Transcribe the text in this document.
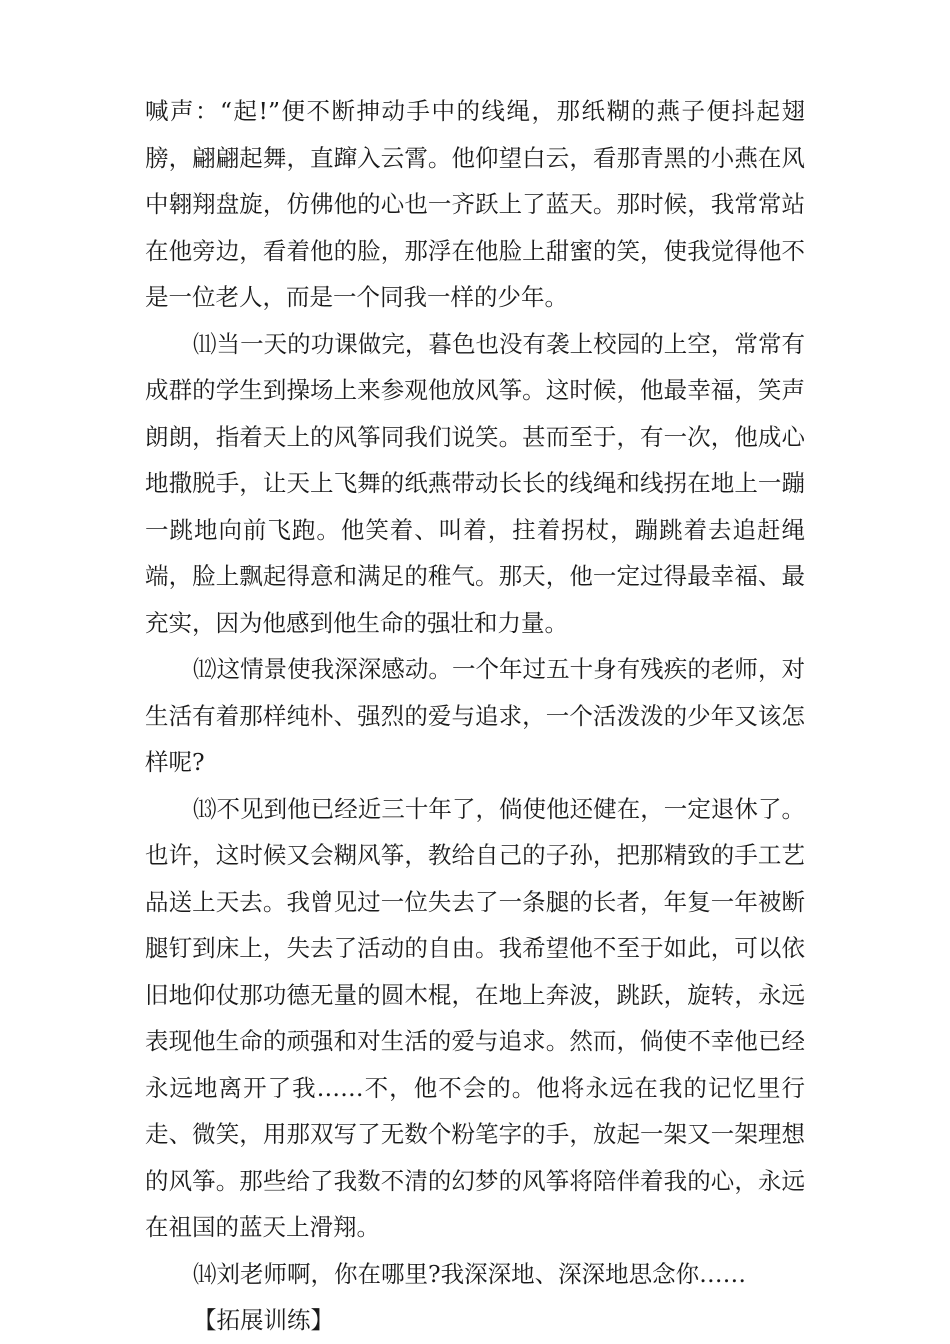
喊声：“起!”便不断抻动手中的线绳，那纸糊的燕子便抖起翅膀，翩翩起舞，直蹿入云霄。他仰望白云，看那青黑的小燕在风中翱翔盘旋，仿佛他的心也一齐跃上了蓝天。那时候，我常常站在他旁边，看着他的脸，那浮在他脸上甜蜜的笑，使我觉得他不是一位老人，而是一个同我一样的少年。

⑾当一天的功课做完，暮色也没有袭上校园的上空，常常有成群的学生到操场上来参观他放风筝。这时候，他最幸福，笑声朗朗，指着天上的风筝同我们说笑。甚而至于，有一次，他成心地撒脱手，让天上飞舞的纸燕带动长长的线绳和线拐在地上一蹦一跳地向前飞跑。他笑着、叫着，拄着拐杖，蹦跳着去追赶绳端，脸上飘起得意和满足的稚气。那天，他一定过得最幸福、最充实，因为他感到他生命的强壮和力量。

⑿这情景使我深深感动。一个年过五十身有残疾的老师，对生活有着那样纯朴、强烈的爱与追求，一个活泼泼的少年又该怎样呢?

⒀不见到他已经近三十年了，倘使他还健在，一定退休了。也许，这时候又会糊风筝，教给自己的子孙，把那精致的手工艺品送上天去。我曾见过一位失去了一条腿的长者，年复一年被断腿钉到床上，失去了活动的自由。我希望他不至于如此，可以依旧地仰仗那功德无量的圆木棍，在地上奔波，跳跃，旋转，永远表现他生命的顽强和对生活的爱与追求。然而，倘使不幸他已经永远地离开了我……不，他不会的。他将永远在我的记忆里行走、微笑，用那双写了无数个粉笔字的手，放起一架又一架理想的风筝。那些给了我数不清的幻梦的风筝将陪伴着我的心，永远在祖国的蓝天上滑翔。

⒁刘老师啊，你在哪里?我深深地、深深地思念你……

【拓展训练】
